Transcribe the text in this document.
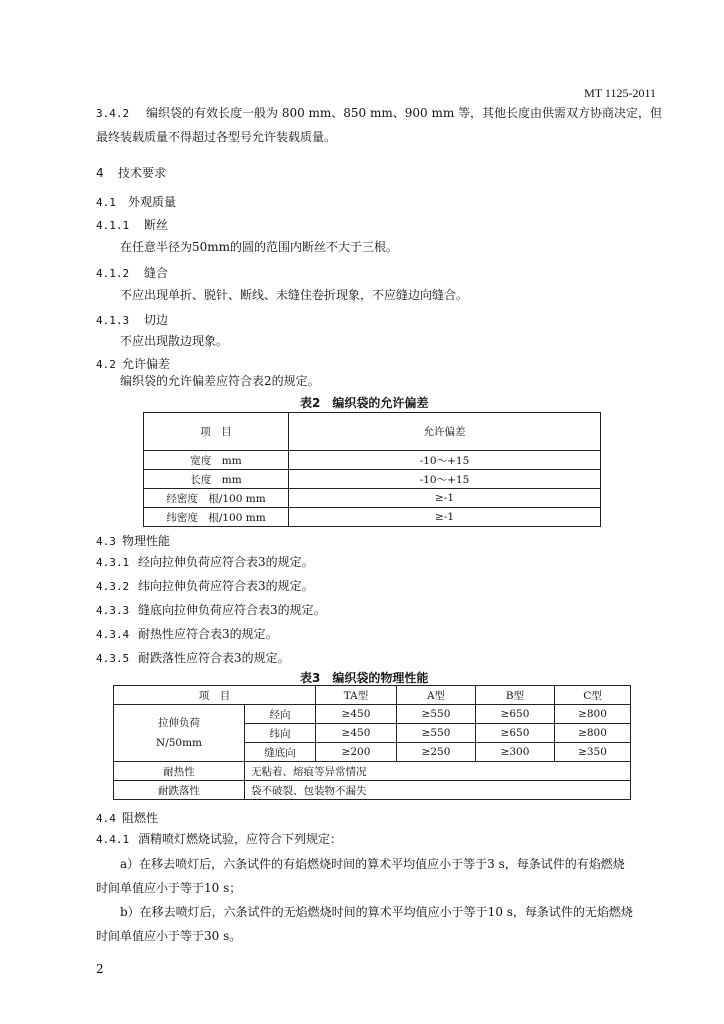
MT 1125-2011
3.4.2 编织袋的有效长度一般为 800 mm、850 mm、900 mm 等，其他长度由供需双方协商决定，但
最终装载质量不得超过各型号允许装载质量。
4 技术要求
4.1 外观质量
4.1.1 断丝
在任意半径为50mm的圆的范围内断丝不大于三根。
4.1.2 缝合
不应出现单折、脱针、断线、未缝住卷折现象，不应缝边向缝合。
4.1.3 切边
不应出现散边现象。
4.2 允许偏差
编织袋的允许偏差应符合表2的规定。
表2　编织袋的允许偏差
项　目	允许偏差
宽度　mm	-10～+15
长度　mm	-10～+15
经密度　根/100 mm	≥-1
纬密度　根/100 mm	≥-1
4.3 物理性能
4.3.1 经向拉伸负荷应符合表3的规定。
4.3.2 纬向拉伸负荷应符合表3的规定。
4.3.3 缝底向拉伸负荷应符合表3的规定。
4.3.4 耐热性应符合表3的规定。
4.3.5 耐跌落性应符合表3的规定。
表3　编织袋的物理性能
项　目		TA型	A型	B型	C型

拉伸负荷
N/50mm	经向	≥450	≥550	≥650	≥800
	纬向	≥450	≥550	≥650	≥800
	缝底向	≥200	≥250	≥300	≥350
耐热性	无粘着、熔痕等异常情况				
耐跌落性	袋不破裂、包装物不漏失				
4.4 阻燃性
4.4.1 酒精喷灯燃烧试验，应符合下列规定：
a）在移去喷灯后，六条试件的有焰燃烧时间的算术平均值应小于等于3 s，每条试件的有焰燃烧
时间单值应小于等于10 s；
b）在移去喷灯后，六条试件的无焰燃烧时间的算术平均值应小于等于10 s，每条试件的无焰燃烧
时间单值应小于等于30 s。
2
